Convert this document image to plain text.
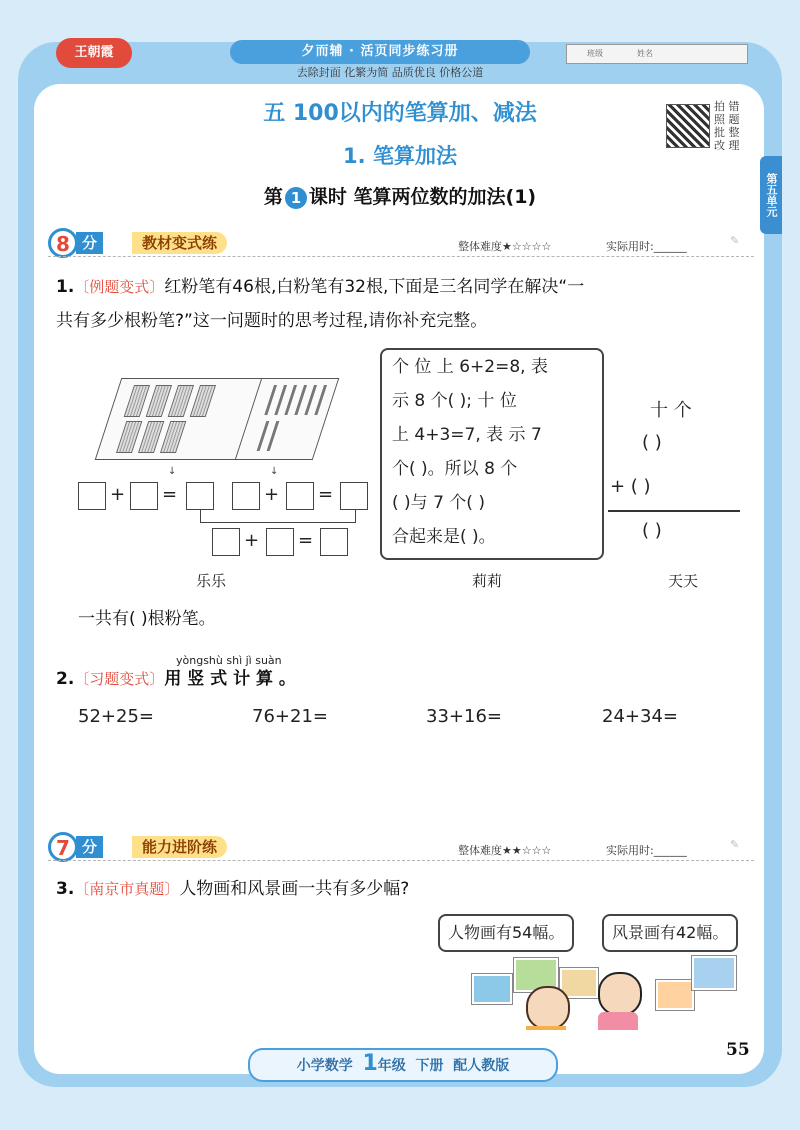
王朝霞	夕而辅 · 活页同步练习册
去除封面 化繁为简 品质优良 价格公道
班级	姓名
第五单元
五 100以内的笔算加、减法
1. 笔算加法
拍 错
照 题
批 整
改 理
第 1 课时 笔算两位数的加法(1)
8 分钟
教材变式练	整体难度★☆☆☆☆	实际用时:______	✎
1.〔例题变式〕红粉笔有46根,白粉笔有32根,下面是三名同学在解决“一
共有多少根粉笔?”这一问题时的思考过程,请你补充完整。
↓	↓
+ =	+ =
+ =
个 位 上 6+2=8, 表
示 8 个( ); 十 位
上 4+3=7, 表 示 7
个( )。所以 8 个
( )与 7 个( )
合起来是( )。
十 个
( )
+ ( )
( )
乐乐	莉莉	天天
一共有( )根粉笔。
yòngshù shì jì suàn
2.〔习题变式〕用 竖 式 计 算 。
52+25=	76+21=	33+16=	24+34=
7 分钟
能力进阶练	整体难度★★☆☆☆	实际用时:______	✎
3.〔南京市真题〕人物画和风景画一共有多少幅?
人物画有54幅。	风景画有42幅。
小学数学 1年级 下册 配人教版
55
